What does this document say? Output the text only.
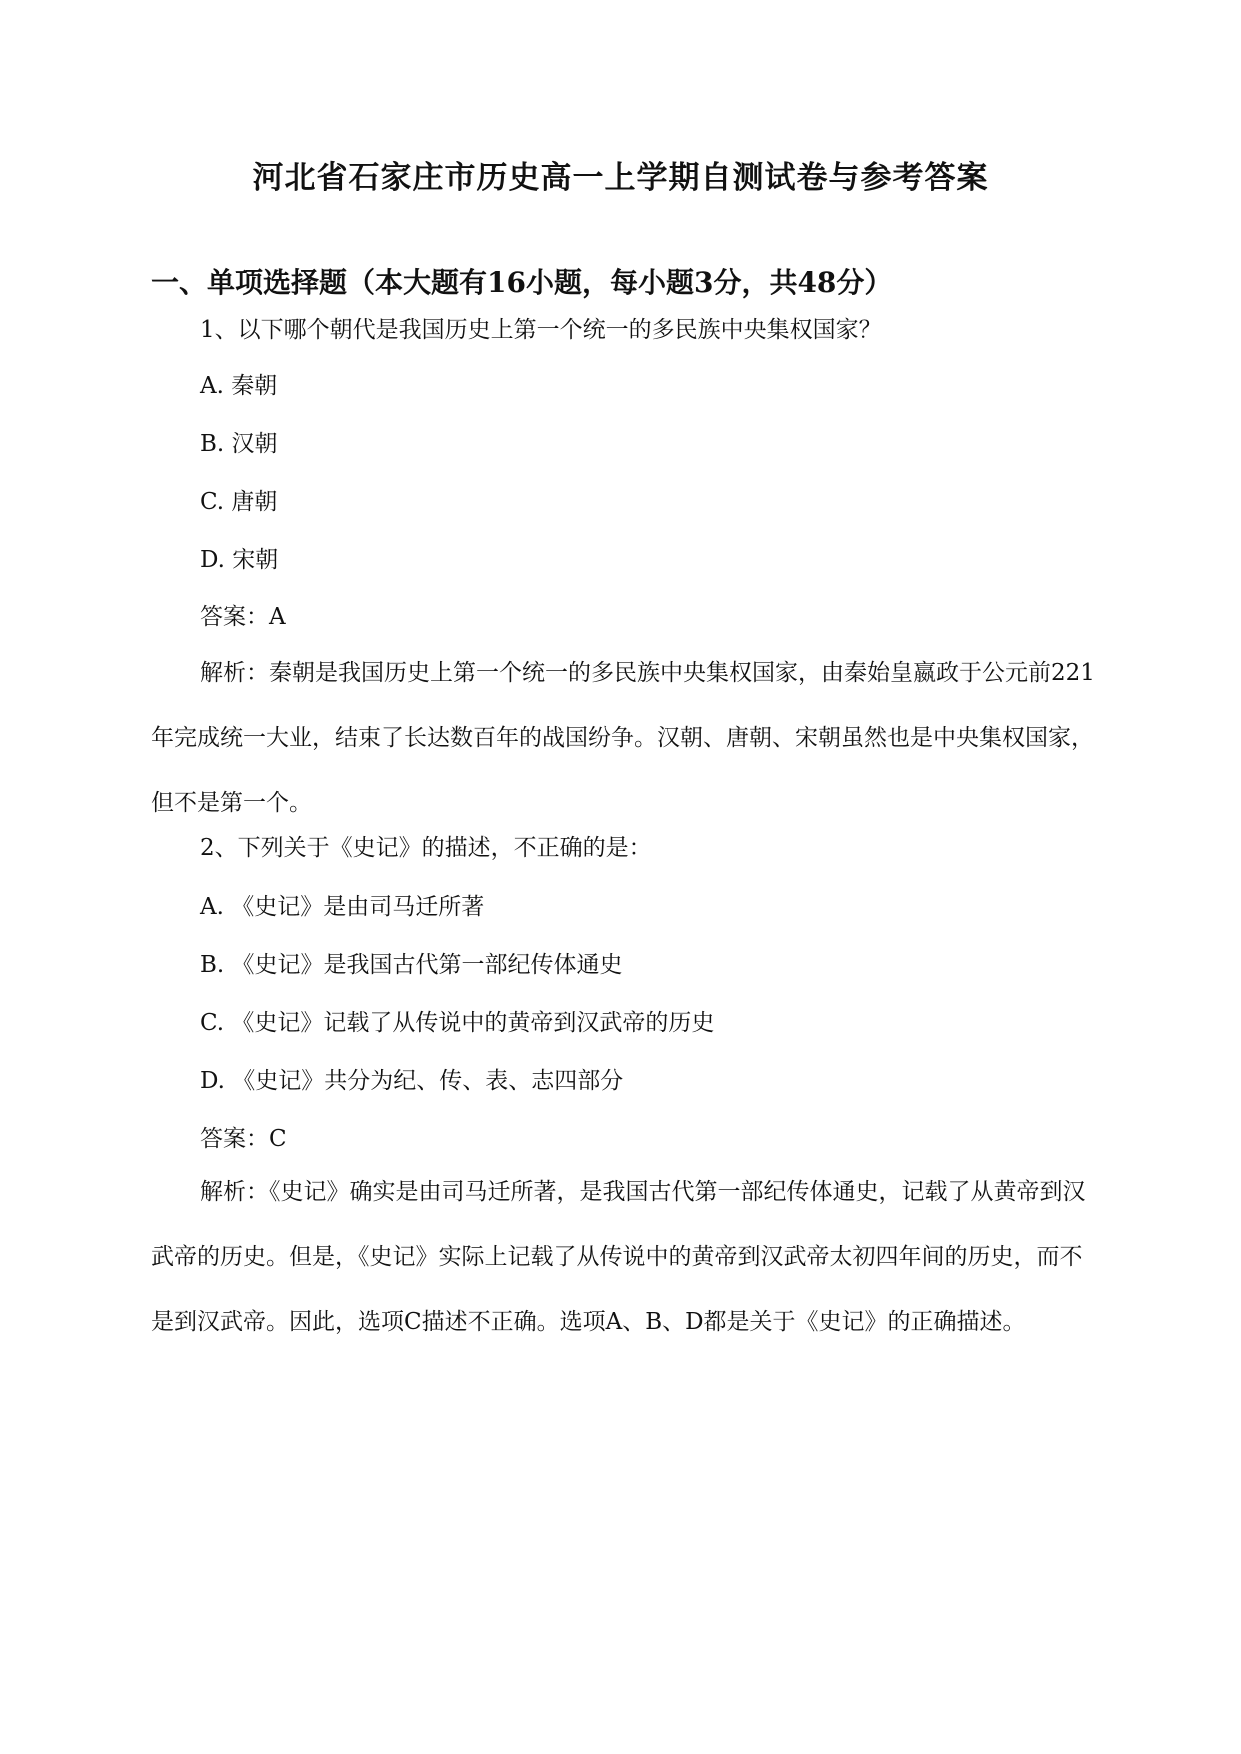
河北省石家庄市历史高一上学期自测试卷与参考答案
一、单项选择题（本大题有16小题，每小题3分，共48分）
1、以下哪个朝代是我国历史上第一个统一的多民族中央集权国家？
A. 秦朝
B. 汉朝
C. 唐朝
D. 宋朝
答案：A

解析：秦朝是我国历史上第一个统一的多民族中央集权国家，由秦始皇嬴政于公元前221年完成统一大业，结束了长达数百年的战国纷争。汉朝、唐朝、宋朝虽然也是中央集权国家，但不是第一个。

2、下列关于《史记》的描述，不正确的是：
A. 《史记》是由司马迁所著
B. 《史记》是我国古代第一部纪传体通史
C. 《史记》记载了从传说中的黄帝到汉武帝的历史
D. 《史记》共分为纪、传、表、志四部分
答案：C

解析：《史记》确实是由司马迁所著，是我国古代第一部纪传体通史，记载了从黄帝到汉武帝的历史。但是，《史记》实际上记载了从传说中的黄帝到汉武帝太初四年间的历史，而不是到汉武帝。因此，选项C描述不正确。选项A、B、D都是关于《史记》的正确描述。
